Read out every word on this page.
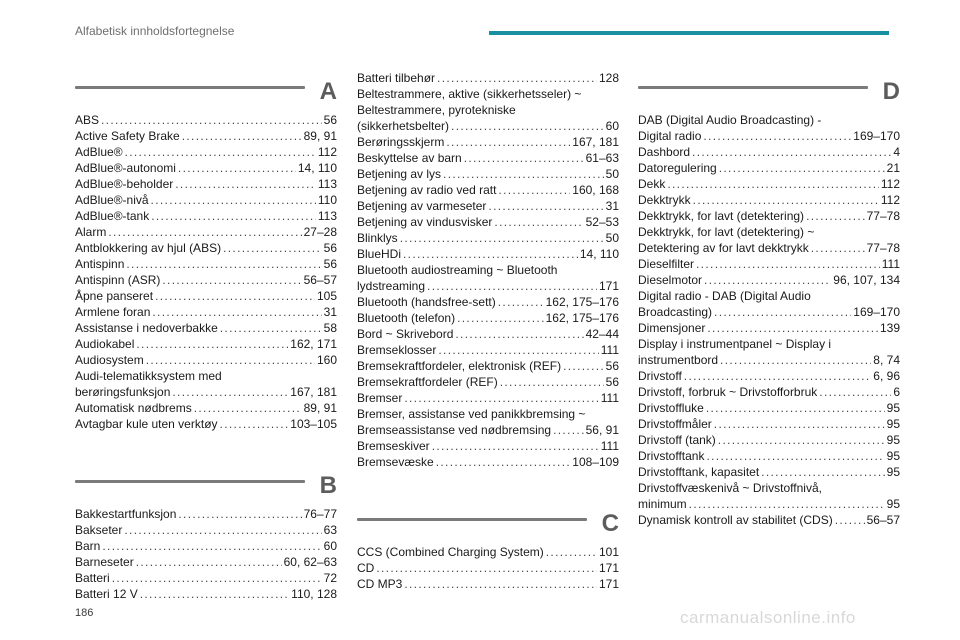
Alfabetisk innholdsfortegnelse
A
ABS . . .	56
Active Safety Brake . . .	89, 91
AdBlue® . . .	112
AdBlue®-autonomi . . .	14, 110
AdBlue®-beholder . . .	113
AdBlue®-nivå . . .	110
AdBlue®-tank . . .	113
Alarm . . .	27–28
Antblokkering av hjul (ABS) . . .	56
Antispinn . . .	56
Antispinn (ASR) . . .	56–57
Åpne panseret . . .	105
Armlene foran . . .	31
Assistanse i nedoverbakke . . .	58
Audiokabel . . .	162, 171
Audiosystem . . .	160
Audi-telematikksystem med
berøringsfunksjon . . .	167, 181
Automatisk nødbrems . . .	89, 91
Avtagbar kule uten verktøy . . .	103–105
B
Bakkestartfunksjon . . .	76–77
Bakseter . . .	63
Barn . . .	60
Barneseter . . .	60, 62–63
Batteri . . .	72
Batteri 12 V . . .	110, 128
Batteri tilbehør . . .	128
Beltestrammere, aktive (sikkerhetsseler) ~
Beltestrammere, pyrotekniske
(sikkerhetsbelter) . . .	60
Berøringsskjerm . . .	167, 181
Beskyttelse av barn . . .	61–63
Betjening av lys . . .	50
Betjening av radio ved ratt . . .	160, 168
Betjening av varmeseter . . .	31
Betjening av vindusvisker . . .	52–53
Blinklys . . .	50
BlueHDi . . .	14, 110
Bluetooth audiostreaming ~ Bluetooth
lydstreaming . . .	171
Bluetooth (handsfree-sett) . . .	162, 175–176
Bluetooth (telefon) . . .	162, 175–176
Bord ~ Skrivebord . . .	42–44
Bremseklosser . . .	111
Bremsekraftfordeler, elektronisk (REF) . . .	56
Bremsekraftfordeler (REF) . . .	56
Bremser . . .	111
Bremser, assistanse ved panikkbremsing ~
Bremseassistanse ved nødbremsing . . .	56, 91
Bremseskiver . . .	111
Bremsevæske . . .	108–109
C
CCS (Combined Charging System) . . .	101
CD . . .	171
CD MP3 . . .	171
D
DAB (Digital Audio Broadcasting) -
Digital radio . . .	169–170
Dashbord . . .	4
Datoregulering . . .	21
Dekk . . .	112
Dekktrykk . . .	112
Dekktrykk, for lavt (detektering) . . .	77–78
Dekktrykk, for lavt (detektering) ~
Detektering av for lavt dekktrykk . . .	77–78
Dieselfilter . . .	111
Dieselmotor . . .	96, 107, 134
Digital radio - DAB (Digital Audio
Broadcasting) . . .	169–170
Dimensjoner . . .	139
Display i instrumentpanel ~ Display i
instrumentbord . . .	8, 74
Drivstoff . . .	6, 96
Drivstoff, forbruk ~ Drivstofforbruk . . .	6
Drivstoffluke . . .	95
Drivstoffmåler . . .	95
Drivstoff (tank) . . .	95
Drivstofftank . . .	95
Drivstofftank, kapasitet . . .	95
Drivstoffvæskenivå ~ Drivstoffnivå,
minimum . . .	95
Dynamisk kontroll av stabilitet (CDS) . . .	56–57
186	carmanualsonline.info
